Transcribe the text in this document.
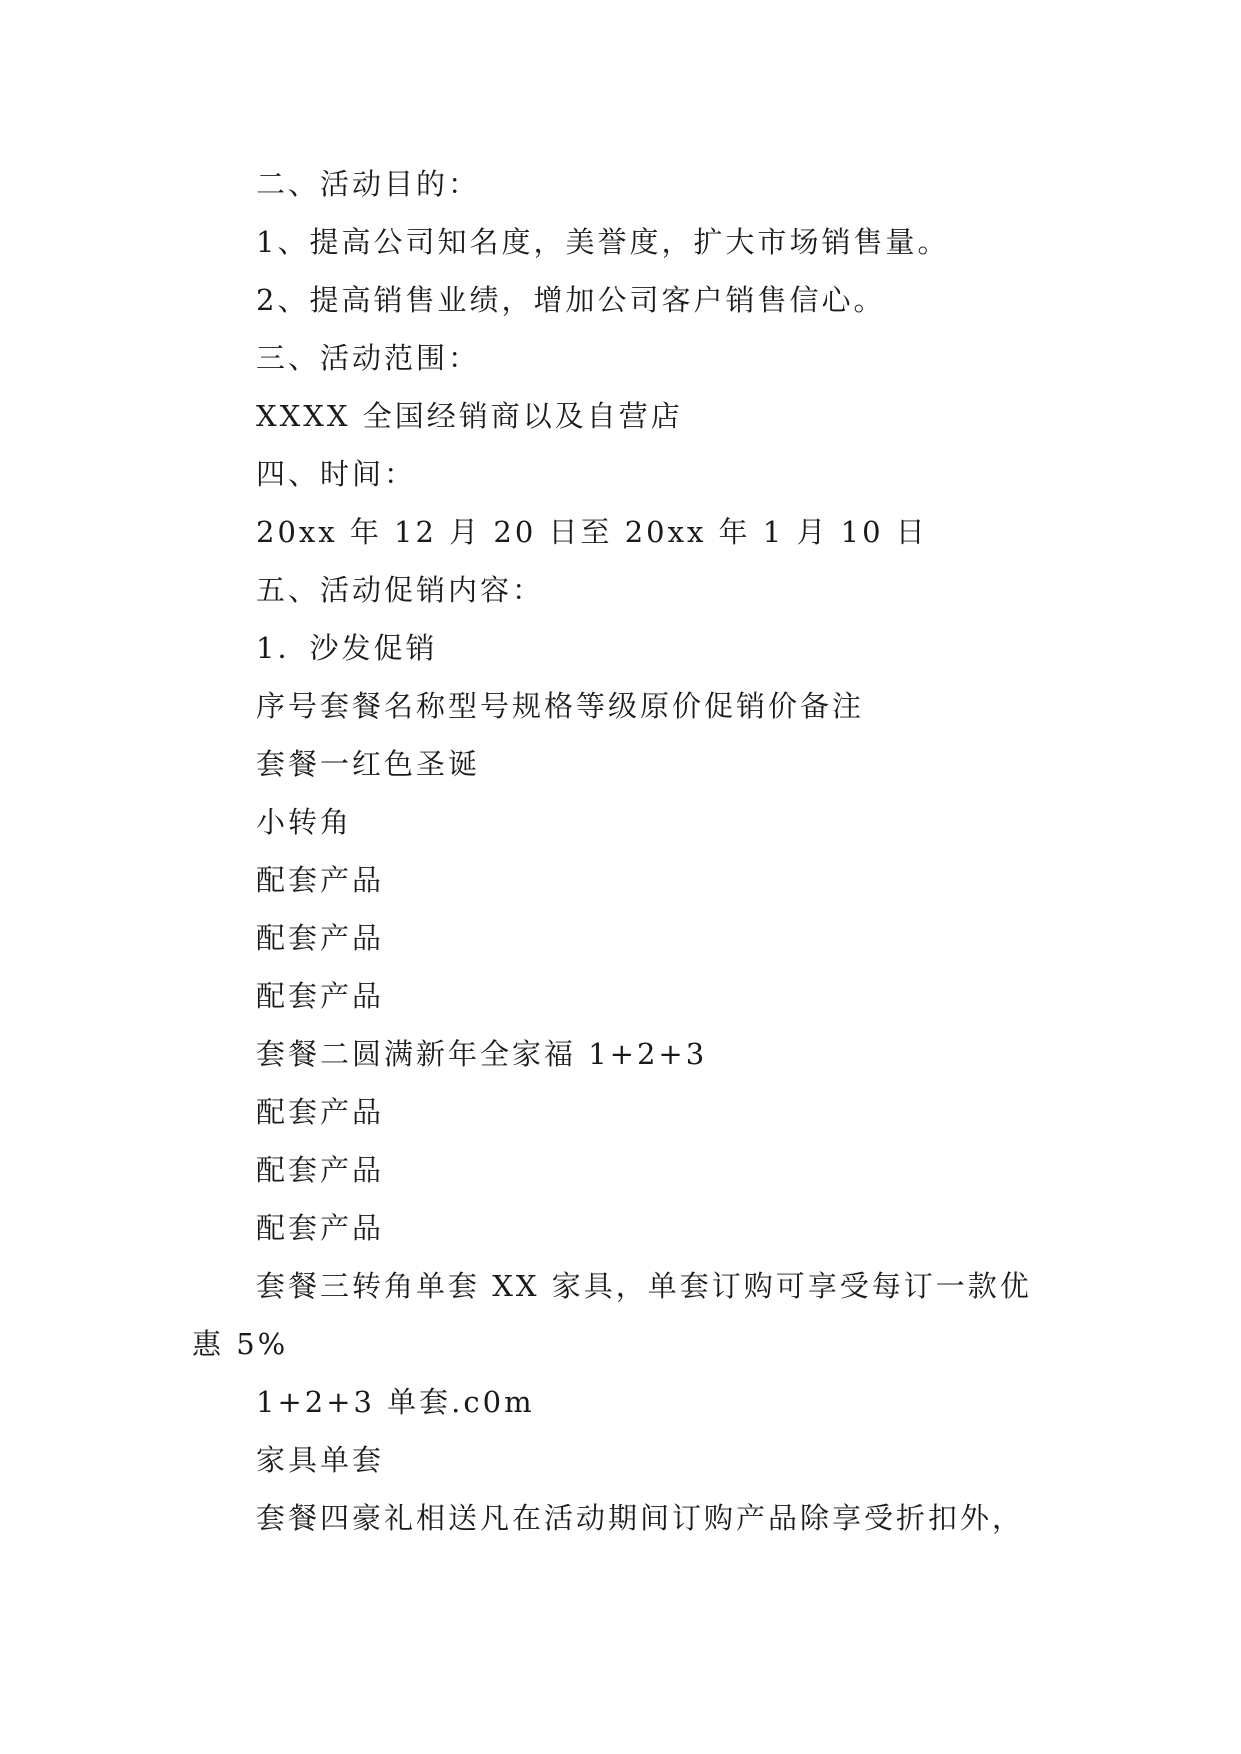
二、活动目的：
1、提高公司知名度，美誉度，扩大市场销售量。
2、提高销售业绩，增加公司客户销售信心。
三、活动范围：
XXXX 全国经销商以及自营店
四、时间：
20xx 年 12 月 20 日至 20xx 年 1 月 10 日
五、活动促销内容：
1．沙发促销
序号套餐名称型号规格等级原价促销价备注
套餐一红色圣诞
小转角
配套产品
配套产品
配套产品
套餐二圆满新年全家福 1+2+3
配套产品
配套产品
配套产品
套餐三转角单套 XX 家具，单套订购可享受每订一款优
惠 5%
1+2+3 单套.c0m
家具单套
套餐四豪礼相送凡在活动期间订购产品除享受折扣外，
